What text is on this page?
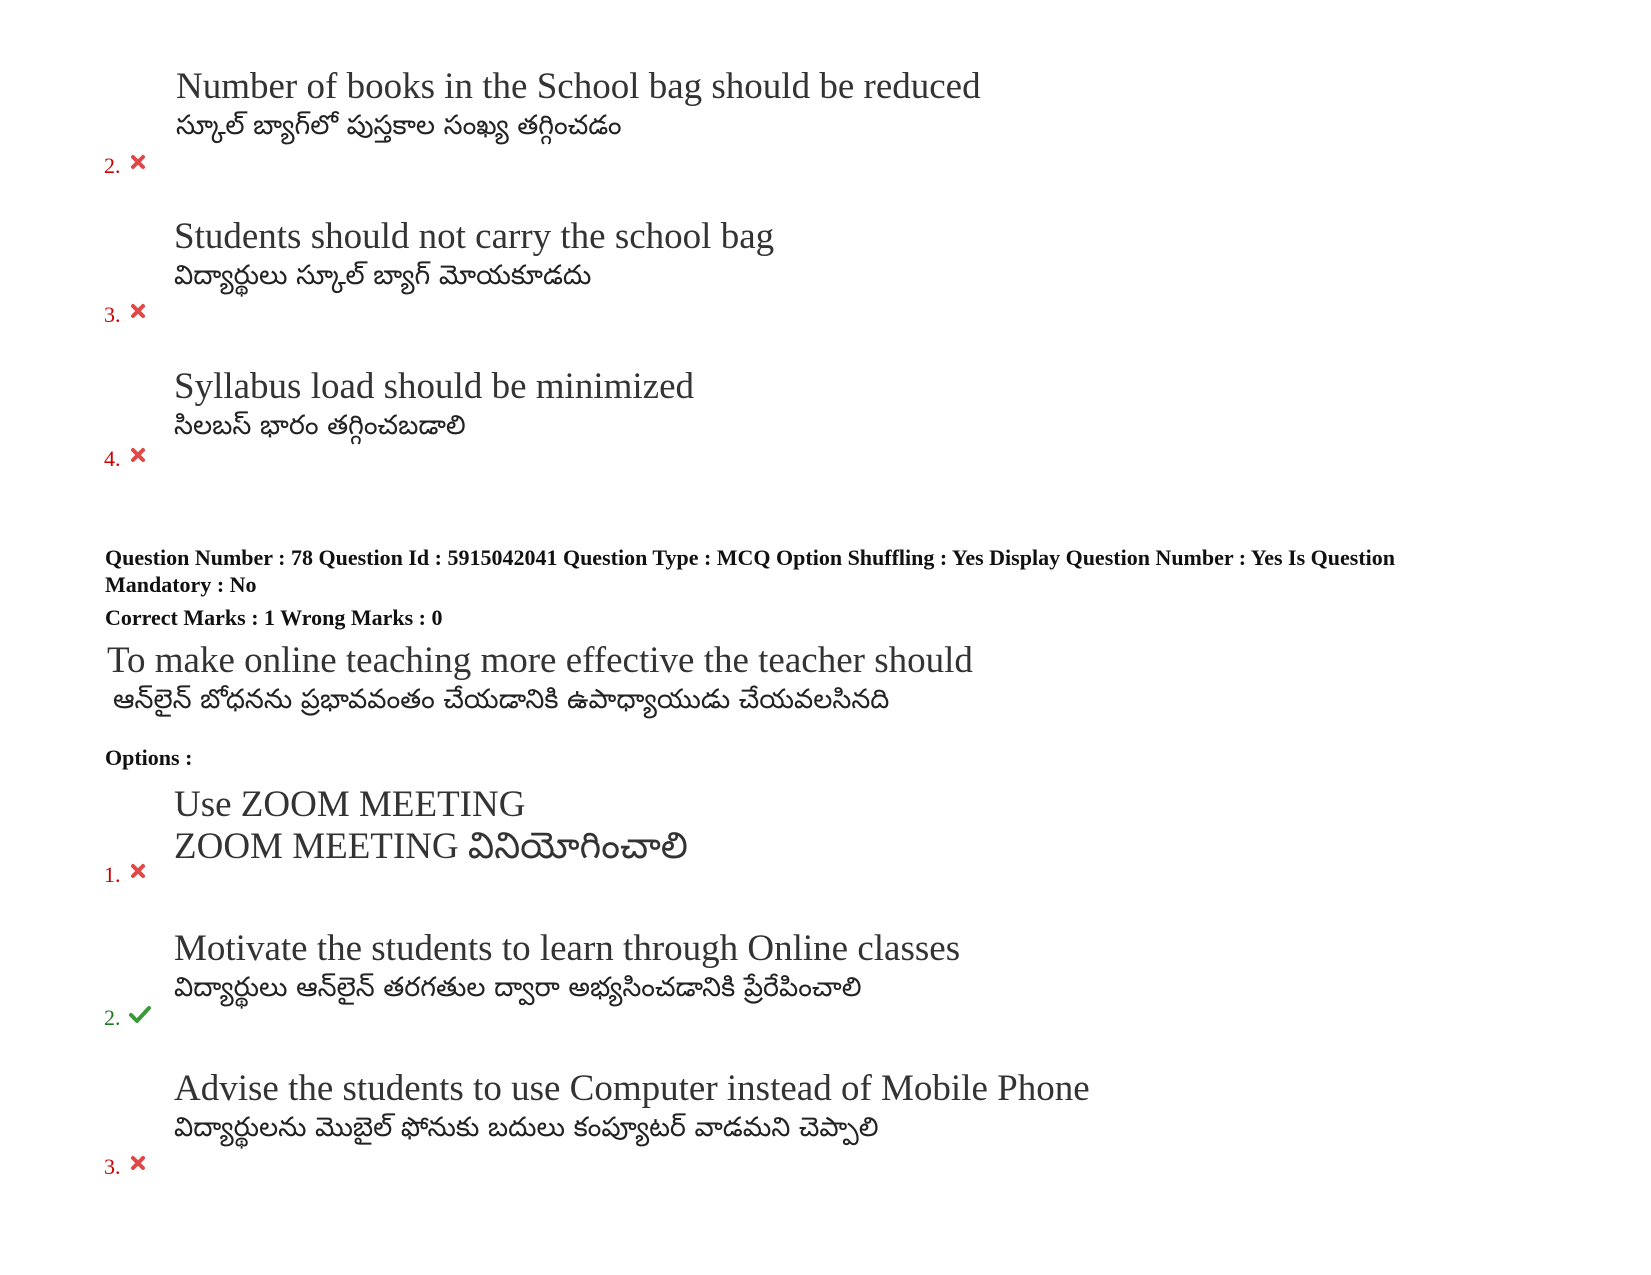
Number of books in the School bag should be reduced
స్కూల్ బ్యాగ్‌లో పుస్తకాల సంఖ్య తగ్గించడం
2.
Students should not carry the school bag
విద్యార్థులు స్కూల్ బ్యాగ్ మోయకూడదు
3.
Syllabus load should be minimized
సిలబస్ భారం తగ్గించబడాలి
4.
Question Number : 78 Question Id : 5915042041 Question Type : MCQ Option Shuffling : Yes Display Question Number : Yes Is Question
Mandatory : No
Correct Marks : 1 Wrong Marks : 0
To make online teaching more effective the teacher should
ఆన్‌లైన్ బోధనను ప్రభావవంతం చేయడానికి ఉపాధ్యాయుడు చేయవలసినది
Options :
Use ZOOM MEETING
ZOOM MEETING వినియోగించాలి
1.
Motivate the students to learn through Online classes
విద్యార్థులు ఆన్‌లైన్ తరగతుల ద్వారా అభ్యసించడానికి ప్రేరేపించాలి
2.
Advise the students to use Computer instead of Mobile Phone
విద్యార్థులను మొబైల్ ఫోనుకు బదులు కంప్యూటర్ వాడమని చెప్పాలి
3.
